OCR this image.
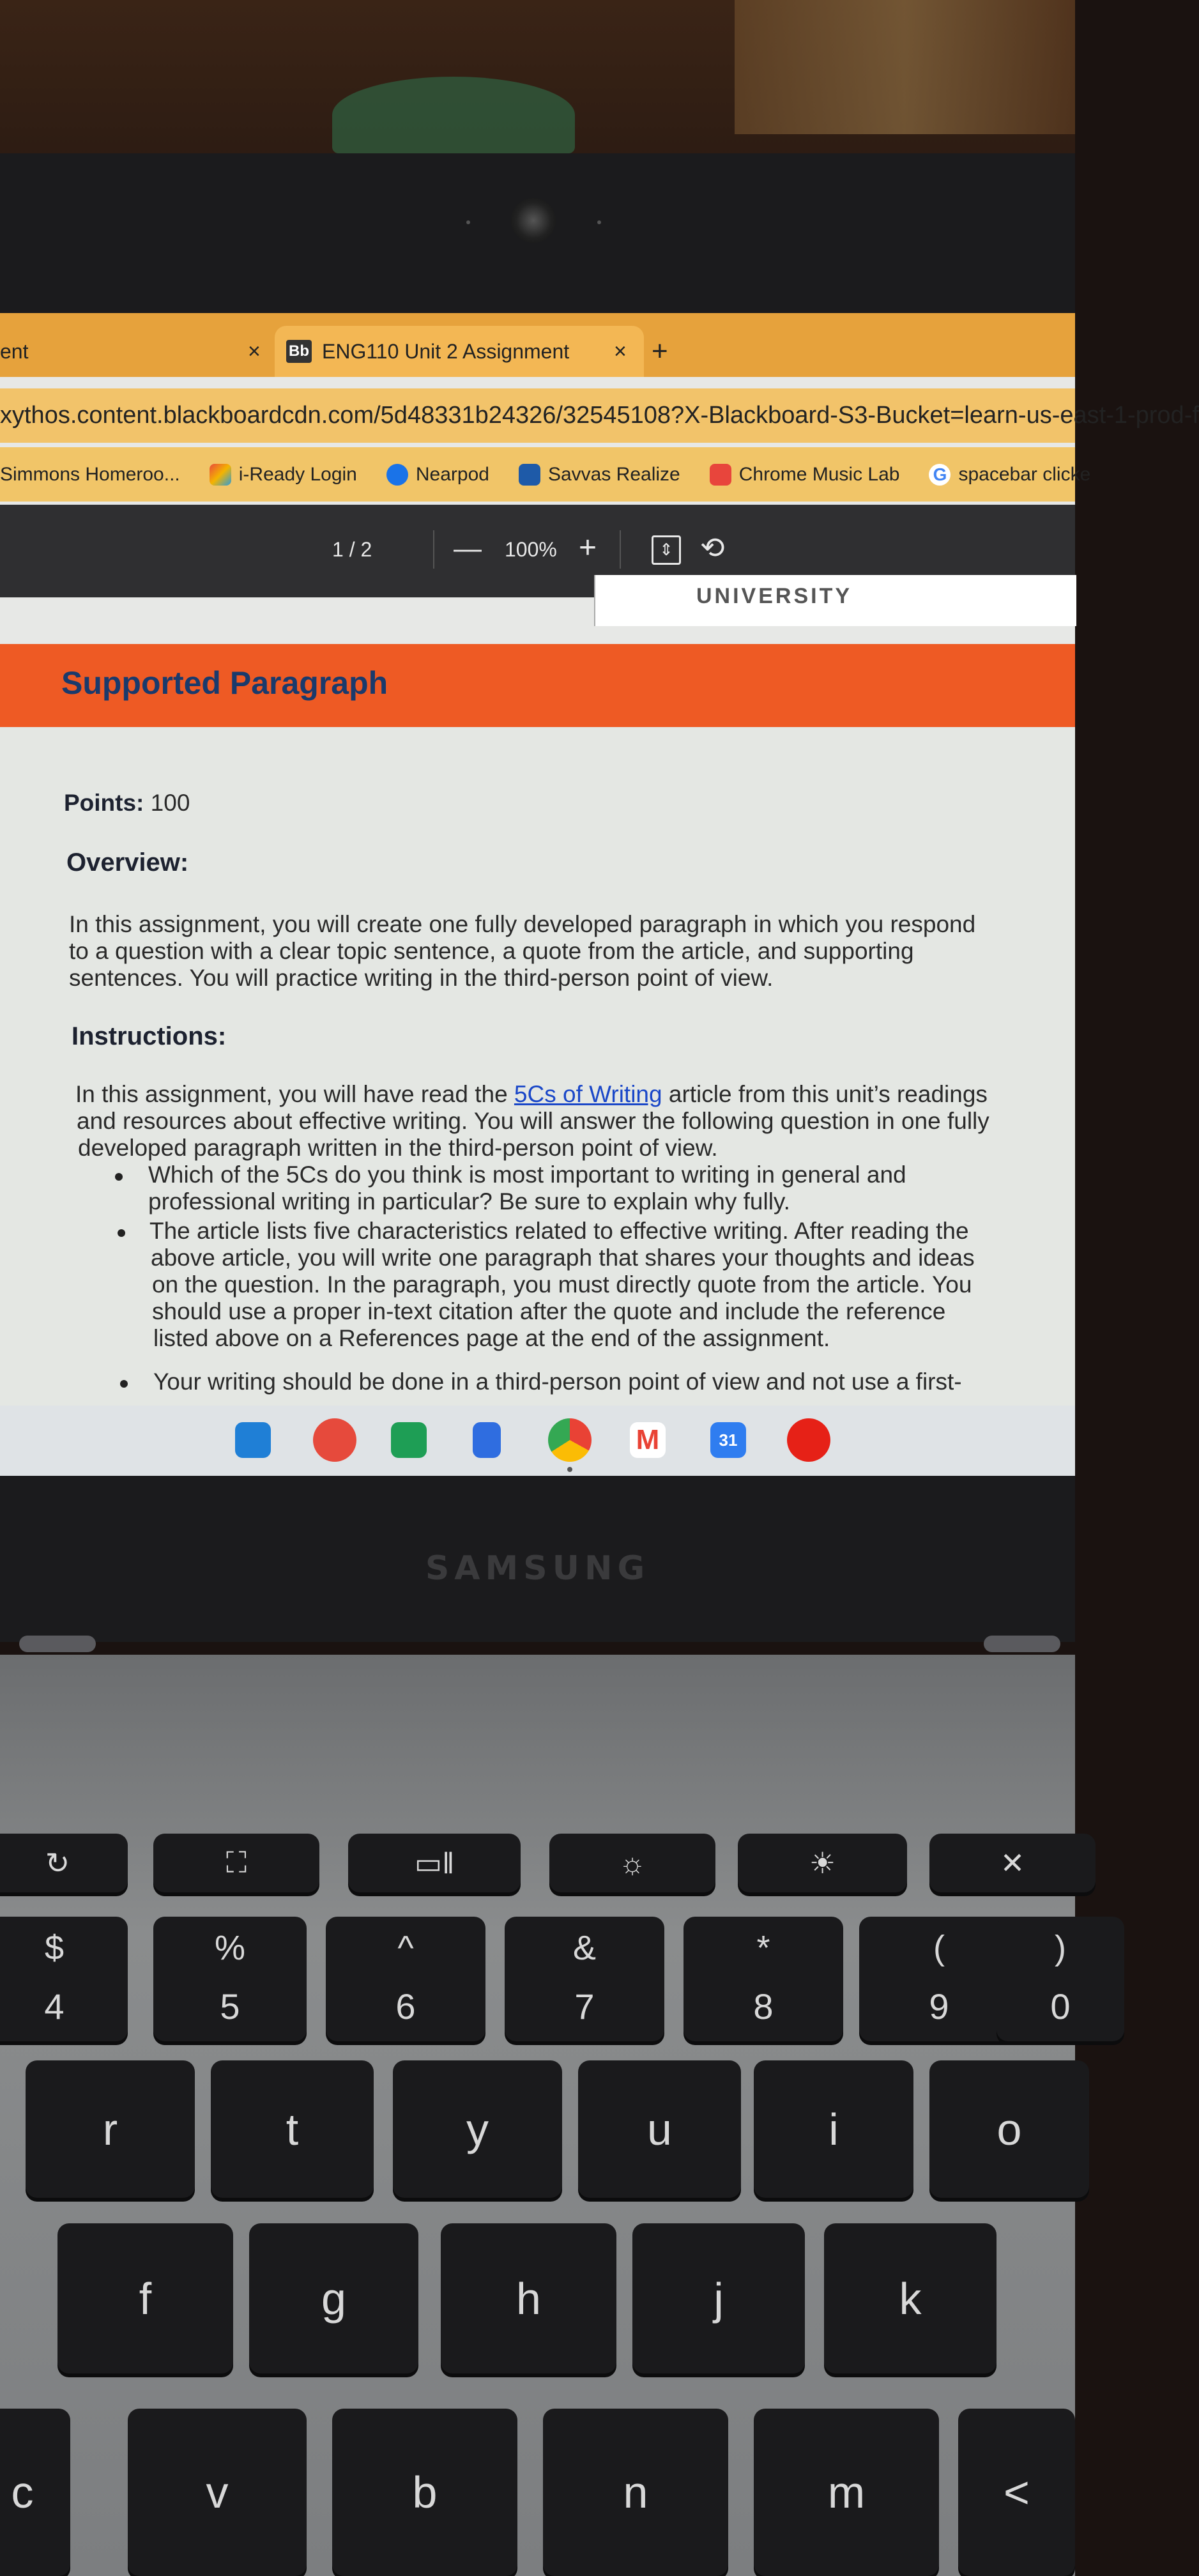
ent	× Bb ENG110 Unit 2 Assignment × +
xythos.content.blackboardcdn.com/5d48331b24326/32545108?X-Blackboard-S3-Bucket=learn-us-east-1-prod-f
Simmons Homeroo...	i-Ready Login	Nearpod	Savvas Realize	Chrome Music Lab G spacebar clicke
1 / 2	— 100% +	⇕ ⟲
UNIVERSITY
Supported Paragraph
Points: 100
Overview:
In this assignment, you will create one fully developed paragraph in which you respond
to a question with a clear topic sentence, a quote from the article, and supporting
sentences. You will practice writing in the third-person point of view.
Instructions:
In this assignment, you will have read the 5Cs of Writing article from this unit’s readings
and resources about effective writing. You will answer the following question in one fully
developed paragraph written in the third-person point of view.
Which of the 5Cs do you think is most important to writing in general and
professional writing in particular? Be sure to explain why fully.
The article lists five characteristics related to effective writing. After reading the
above article, you will write one paragraph that shares your thoughts and ideas
on the question. In the paragraph, you must directly quote from the article. You
should use a proper in-text citation after the quote and include the reference
listed above on a References page at the end of the assignment.
Your writing should be done in a third-person point of view and not use a first-
M	31
SAMSUNG
↻	⛶	▭‖	☼	☀	✕
$
4
%
5
^
6
&
7
*
8
(
9
)
0
r	t	y	u	i	o
f	g	h	j	k
c	v	b	n	m	<
